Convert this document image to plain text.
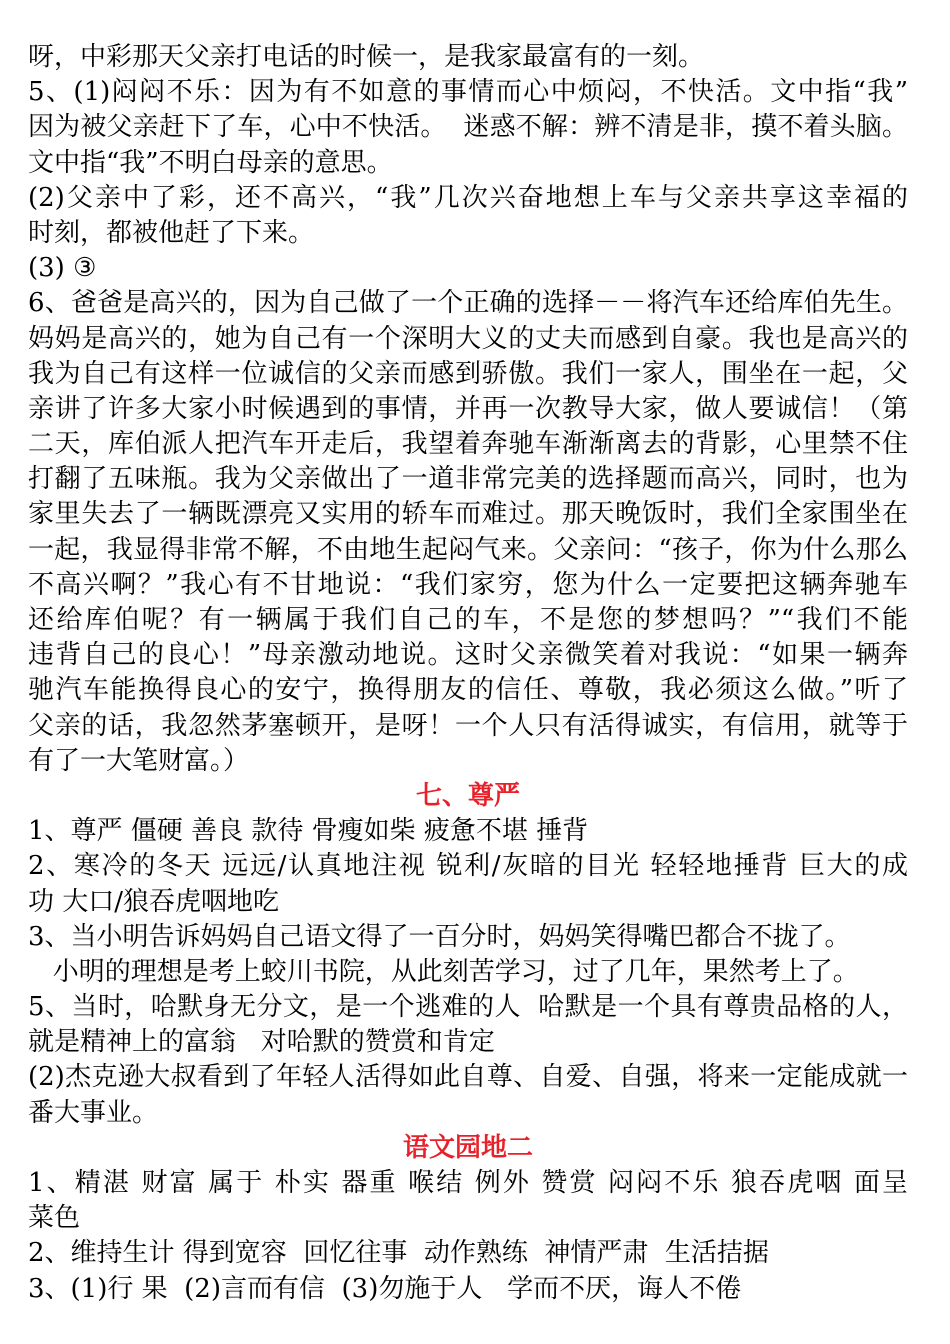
呀，中彩那天父亲打电话的时候一，是我家最富有的一刻。
5、(1)闷闷不乐：因为有不如意的事情而心中烦闷，不快活。文中指“我”
因为被父亲赶下了车，心中不快活。  迷惑不解：辨不清是非，摸不着头脑。
文中指“我”不明白母亲的意思。
(2)父亲中了彩，还不高兴，“我”几次兴奋地想上车与父亲共享这幸福的
时刻，都被他赶了下来。
(3) ③
6、爸爸是高兴的，因为自己做了一个正确的选择－－将汽车还给库伯先生。
妈妈是高兴的，她为自己有一个深明大义的丈夫而感到自豪。我也是高兴的
我为自己有这样一位诚信的父亲而感到骄傲。我们一家人，围坐在一起，父
亲讲了许多大家小时候遇到的事情，并再一次教导大家，做人要诚信！（第
二天，库伯派人把汽车开走后，我望着奔驰车渐渐离去的背影，心里禁不住
打翻了五味瓶。我为父亲做出了一道非常完美的选择题而高兴，同时，也为
家里失去了一辆既漂亮又实用的轿车而难过。那天晚饭时，我们全家围坐在
一起，我显得非常不解，不由地生起闷气来。父亲问：“孩子，你为什么那么
不高兴啊？”我心有不甘地说：“我们家穷，您为什么一定要把这辆奔驰车
还给库伯呢？有一辆属于我们自己的车，不是您的梦想吗？”“我们不能
违背自己的良心！”母亲激动地说。这时父亲微笑着对我说：“如果一辆奔
驰汽车能换得良心的安宁，换得朋友的信任、尊敬，我必须这么做。”听了
父亲的话，我忽然茅塞顿开，是呀！一个人只有活得诚实，有信用，就等于
有了一大笔财富。）
七、尊严
1、尊严 僵硬 善良 款待 骨瘦如柴 疲惫不堪 捶背
2、寒冷的冬天 远远/认真地注视 锐利/灰暗的目光 轻轻地捶背 巨大的成
功 大口/狼吞虎咽地吃
3、当小明告诉妈妈自己语文得了一百分时，妈妈笑得嘴巴都合不拢了。
小明的理想是考上蛟川书院，从此刻苦学习，过了几年，果然考上了。
5、当时，哈默身无分文，是一个逃难的人  哈默是一个具有尊贵品格的人，
就是精神上的富翁   对哈默的赞赏和肯定
(2)杰克逊大叔看到了年轻人活得如此自尊、自爱、自强，将来一定能成就一
番大事业。
语文园地二
1、精湛 财富 属于 朴实 器重 喉结 例外 赞赏 闷闷不乐 狼吞虎咽 面呈
菜色
2、维持生计 得到宽容  回忆往事  动作熟练  神情严肃  生活拮据
3、(1)行 果  (2)言而有信  (3)勿施于人   学而不厌，诲人不倦
